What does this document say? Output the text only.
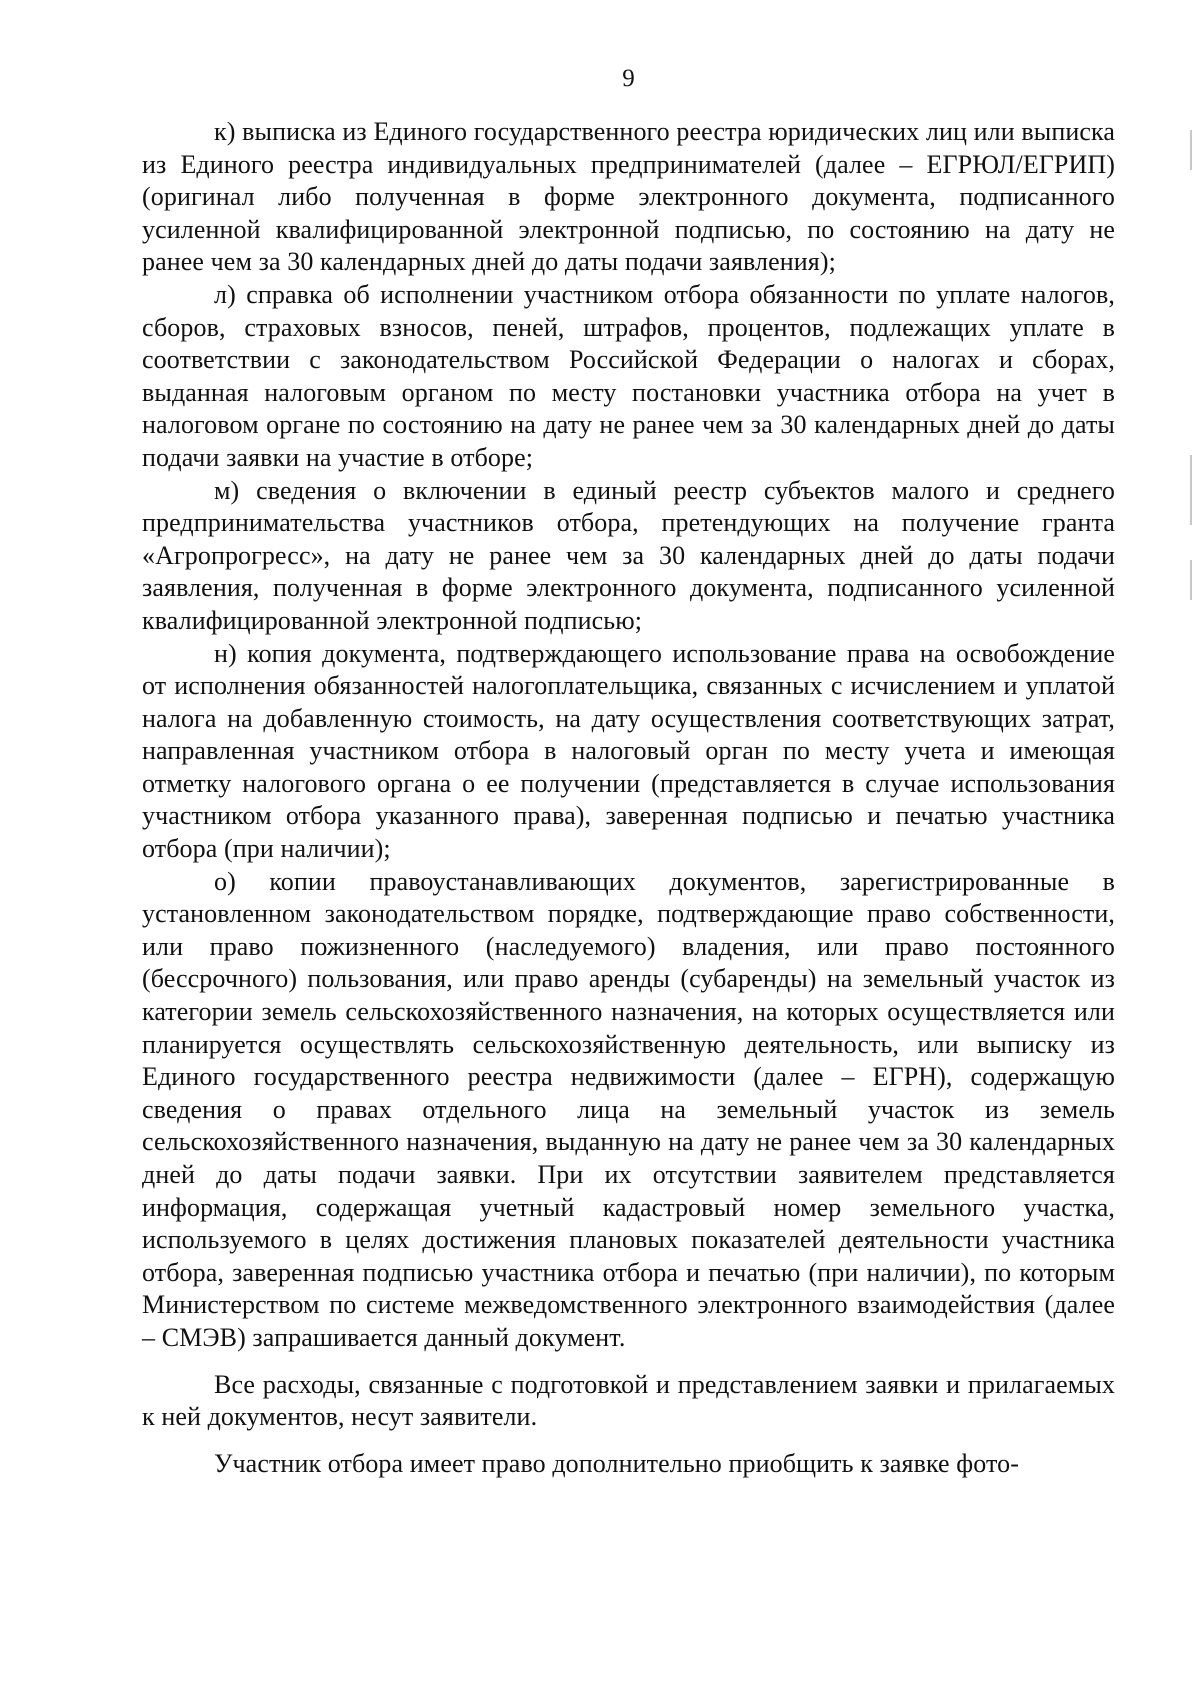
9

к) выписка из Единого государственного реестра юридических лиц или выписка из Единого реестра индивидуальных предпринимателей (далее – ЕГРЮЛ/ЕГРИП) (оригинал либо полученная в форме электронного документа, подписанного усиленной квалифицированной электронной подписью, по состоянию на дату не ранее чем за 30 календарных дней до даты подачи заявления);

л) справка об исполнении участником отбора обязанности по уплате налогов, сборов, страховых взносов, пеней, штрафов, процентов, подлежащих уплате в соответствии с законодательством Российской Федерации о налогах и сборах, выданная налоговым органом по месту постановки участника отбора на учет в налоговом органе по состоянию на дату не ранее чем за 30 календарных дней до даты подачи заявки на участие в отборе;

м) сведения о включении в единый реестр субъектов малого и среднего предпринимательства участников отбора, претендующих на получение гранта «Агропрогресс», на дату не ранее чем за 30 календарных дней до даты подачи заявления, полученная в форме электронного документа, подписанного усиленной квалифицированной электронной подписью;

н) копия документа, подтверждающего использование права на освобождение от исполнения обязанностей налогоплательщика, связанных с исчислением и уплатой налога на добавленную стоимость, на дату осуществления соответствующих затрат, направленная участником отбора в налоговый орган по месту учета и имеющая отметку налогового органа о ее получении (представляется в случае использования участником отбора указанного права), заверенная подписью и печатью участника отбора (при наличии);

о) копии правоустанавливающих документов, зарегистрированные в установленном законодательством порядке, подтверждающие право собственности, или право пожизненного (наследуемого) владения, или право постоянного (бессрочного) пользования, или право аренды (субаренды) на земельный участок из категории земель сельскохозяйственного назначения, на которых осуществляется или планируется осуществлять сельскохозяйственную деятельность, или выписку из Единого государственного реестра недвижимости (далее – ЕГРН), содержащую сведения о правах отдельного лица на земельный участок из земель сельскохозяйственного назначения, выданную на дату не ранее чем за 30 календарных дней до даты подачи заявки. При их отсутствии заявителем представляется информация, содержащая учетный кадастровый номер земельного участка, используемого в целях достижения плановых показателей деятельности участника отбора, заверенная подписью участника отбора и печатью (при наличии), по которым Министерством по системе межведомственного электронного взаимодействия (далее – СМЭВ) запрашивается данный документ.

Все расходы, связанные с подготовкой и представлением заявки и прилагаемых к ней документов, несут заявители.

Участник отбора имеет право дополнительно приобщить к заявке фото-
